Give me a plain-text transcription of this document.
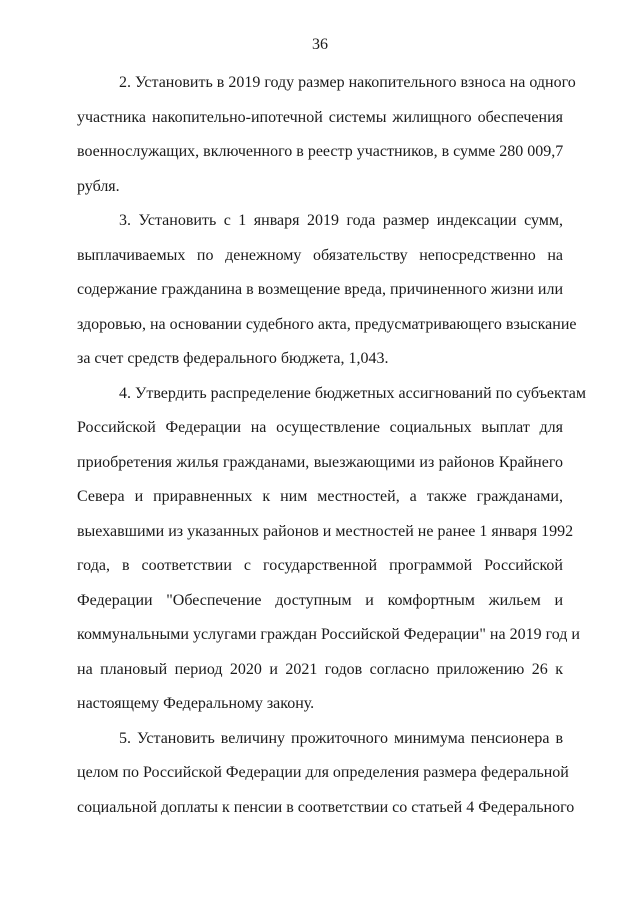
36
2. Установить в 2019 году размер накопительного взноса на одного
участника накопительно-ипотечной системы жилищного обеспечения
военнослужащих, включенного в реестр участников, в сумме 280 009,7
рубля.
3. Установить с 1 января 2019 года размер индексации сумм,
выплачиваемых по денежному обязательству непосредственно на
содержание гражданина в возмещение вреда, причиненного жизни или
здоровью, на основании судебного акта, предусматривающего взыскание
за счет средств федерального бюджета, 1,043.
4. Утвердить распределение бюджетных ассигнований по субъектам
Российской Федерации на осуществление социальных выплат для
приобретения жилья гражданами, выезжающими из районов Крайнего
Севера и приравненных к ним местностей, а также гражданами,
выехавшими из указанных районов и местностей не ранее 1 января 1992
года, в соответствии с государственной программой Российской
Федерации "Обеспечение доступным и комфортным жильем и
коммунальными услугами граждан Российской Федерации" на 2019 год и
на плановый период 2020 и 2021 годов согласно приложению 26 к
настоящему Федеральному закону.
5. Установить величину прожиточного минимума пенсионера в
целом по Российской Федерации для определения размера федеральной
социальной доплаты к пенсии в соответствии со статьей 4 Федерального
